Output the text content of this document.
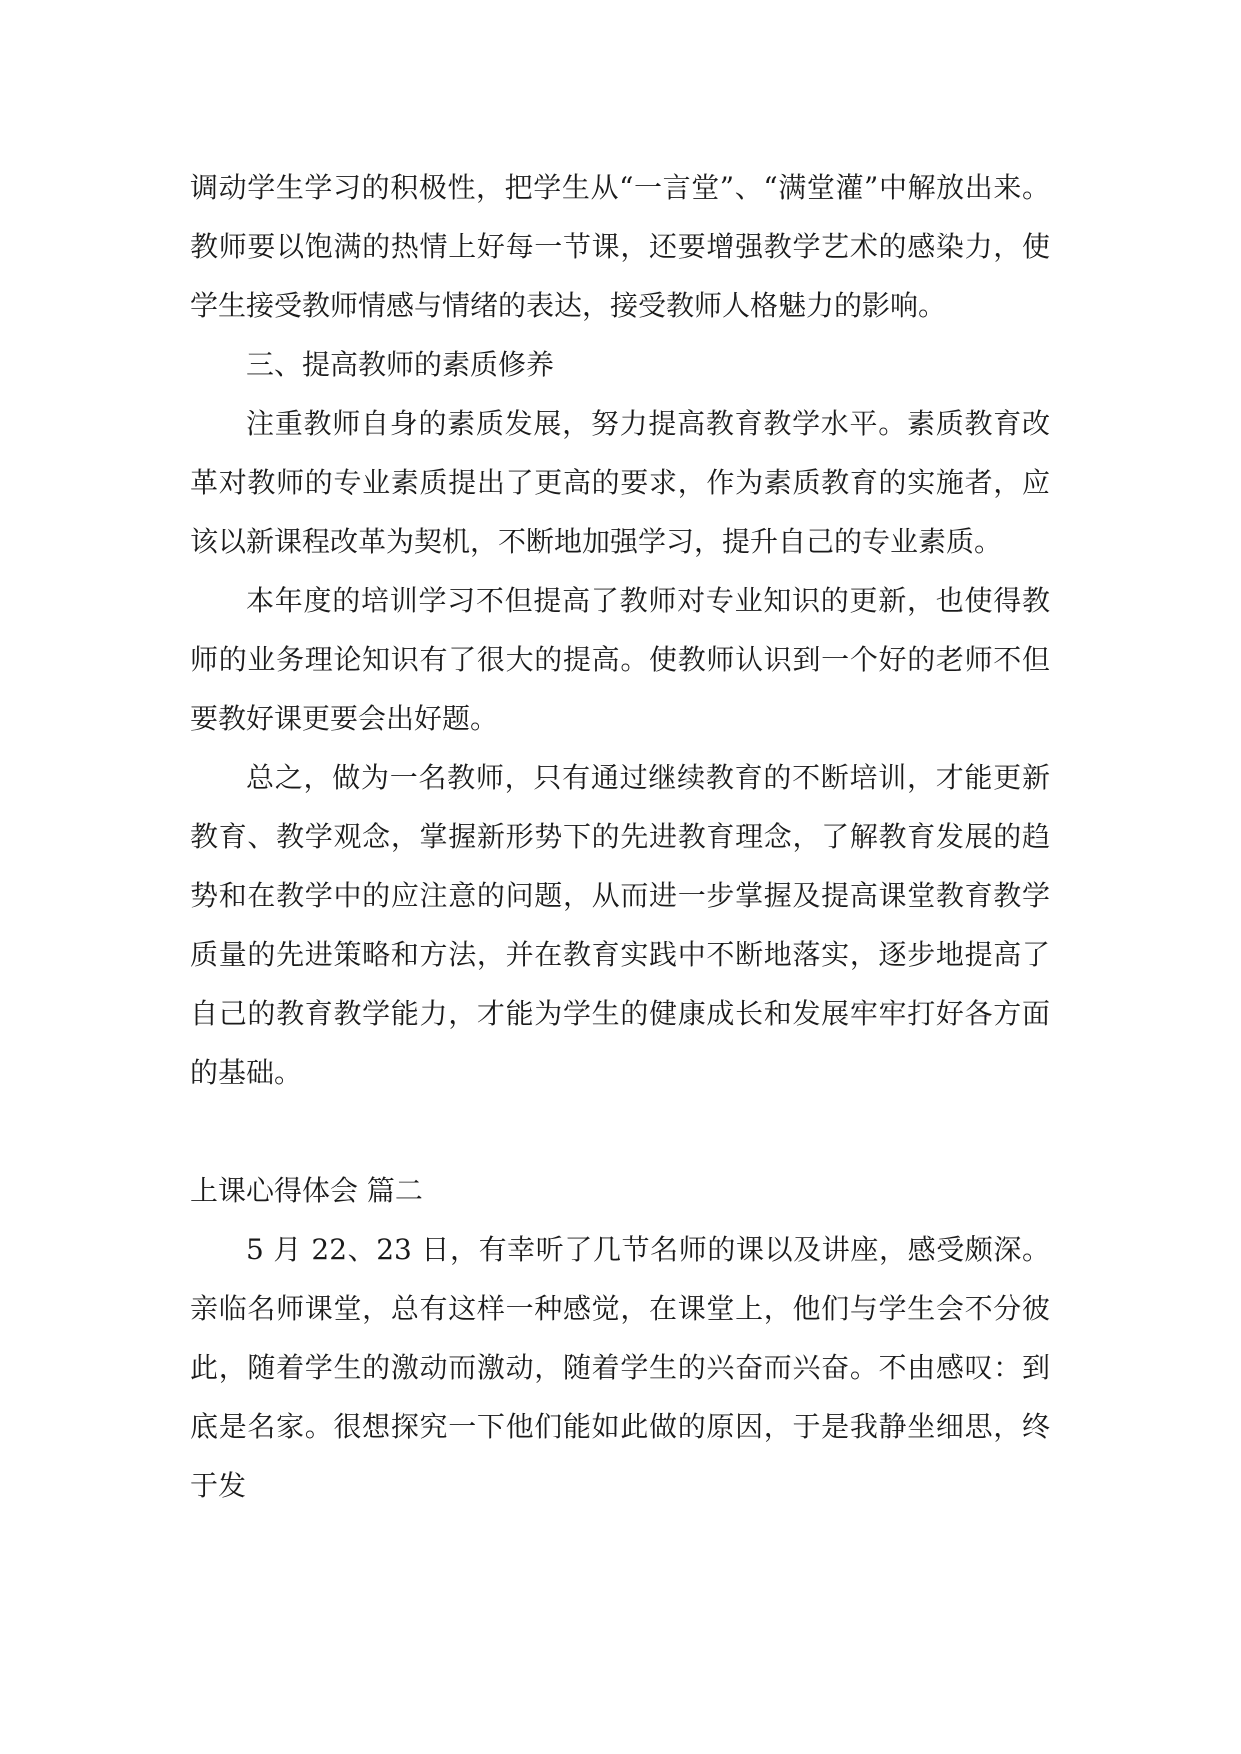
调动学生学习的积极性，把学生从“一言堂”、“满堂灌”中解放出来。教师要以饱满的热情上好每一节课，还要增强教学艺术的感染力，使学生接受教师情感与情绪的表达，接受教师人格魅力的影响。

三、提高教师的素质修养

注重教师自身的素质发展，努力提高教育教学水平。素质教育改革对教师的专业素质提出了更高的要求，作为素质教育的实施者，应该以新课程改革为契机，不断地加强学习，提升自己的专业素质。

本年度的培训学习不但提高了教师对专业知识的更新，也使得教师的业务理论知识有了很大的提高。使教师认识到一个好的老师不但要教好课更要会出好题。

总之，做为一名教师，只有通过继续教育的不断培训，才能更新教育、教学观念，掌握新形势下的先进教育理念，了解教育发展的趋势和在教学中的应注意的问题，从而进一步掌握及提高课堂教育教学质量的先进策略和方法，并在教育实践中不断地落实，逐步地提高了自己的教育教学能力，才能为学生的健康成长和发展牢牢打好各方面的基础。

上课心得体会 篇二

5 月 22、23 日，有幸听了几节名师的课以及讲座，感受颇深。亲临名师课堂，总有这样一种感觉，在课堂上，他们与学生会不分彼此，随着学生的激动而激动，随着学生的兴奋而兴奋。不由感叹：到底是名家。很想探究一下他们能如此做的原因，于是我静坐细思，终于发
